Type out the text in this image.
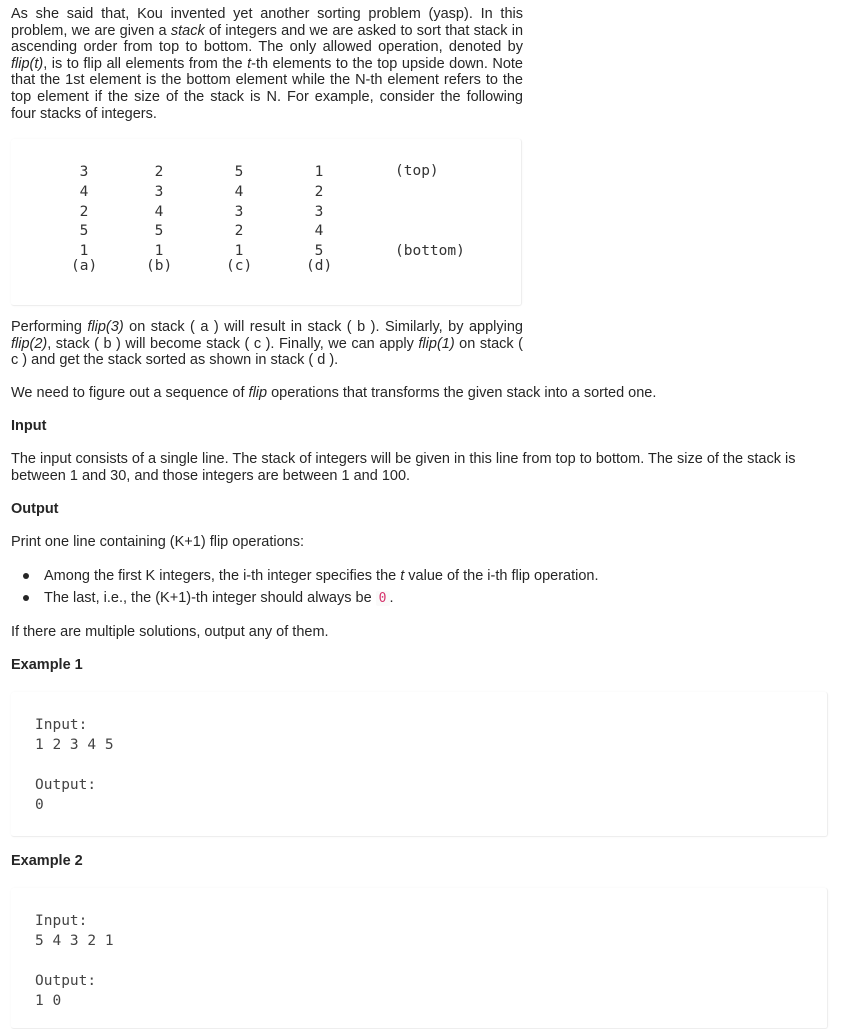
As she said that, Kou invented yet another sorting problem (yasp). In this problem, we are given a stack of integers and we are asked to sort that stack in ascending order from top to bottom. The only allowed operation, denoted by flip(t), is to flip all elements from the t-th elements to the top upside down. Note that the 1st element is the bottom element while the N-th element refers to the top element if the size of the stack is N. For example, consider the following four stacks of integers.

3
4
2
5
1
(a)
2
3
4
5
1
(b)
5
4
3
2
1
(c)
1
2
3
4
5
(d)
(top)
(bottom)

Performing flip(3) on stack ( a ) will result in stack ( b ). Similarly, by applying flip(2), stack ( b ) will become stack ( c ). Finally, we can apply flip(1) on stack ( c ) and get the stack sorted as shown in stack ( d ).

We need to figure out a sequence of flip operations that transforms the given stack into a sorted one.

Input

The input consists of a single line. The stack of integers will be given in this line from top to bottom. The size of the stack is

between 1 and 30, and those integers are between 1 and 100.

Output

Print one line containing (K+1) flip operations:

Among the first K integers, the i-th integer specifies the t value of the i-th flip operation.
The last, i.e., the (K+1)-th integer should always be 0 .

If there are multiple solutions, output any of them.

Example 1

Input:
1 2 3 4 5
Output:
0

Example 2

Input:
5 4 3 2 1
Output:
1 0
